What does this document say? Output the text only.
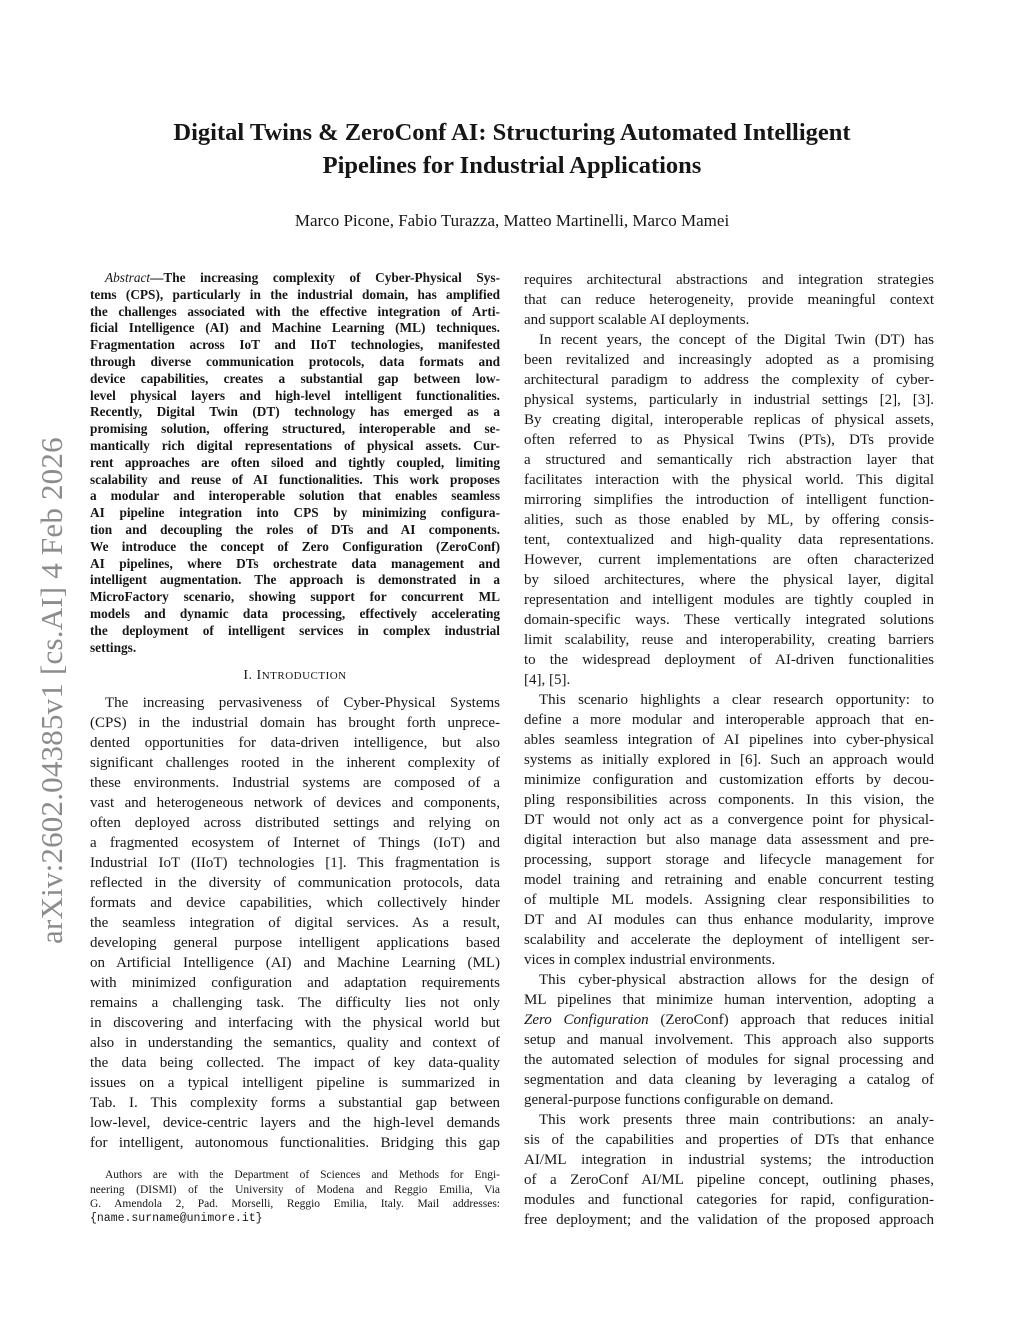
Digital Twins & ZeroConf AI: Structuring Automated Intelligent
Pipelines for Industrial Applications
Marco Picone, Fabio Turazza, Matteo Martinelli, Marco Mamei
arXiv:2602.04385v1 [cs.AI] 4 Feb 2026
Abstract—The increasing complexity of Cyber-Physical Sys-
tems (CPS), particularly in the industrial domain, has amplified
the challenges associated with the effective integration of Arti-
ficial Intelligence (AI) and Machine Learning (ML) techniques.
Fragmentation across IoT and IIoT technologies, manifested
through diverse communication protocols, data formats and
device capabilities, creates a substantial gap between low-
level physical layers and high-level intelligent functionalities.
Recently, Digital Twin (DT) technology has emerged as a
promising solution, offering structured, interoperable and se-
mantically rich digital representations of physical assets. Cur-
rent approaches are often siloed and tightly coupled, limiting
scalability and reuse of AI functionalities. This work proposes
a modular and interoperable solution that enables seamless
AI pipeline integration into CPS by minimizing configura-
tion and decoupling the roles of DTs and AI components.
We introduce the concept of Zero Configuration (ZeroConf)
AI pipelines, where DTs orchestrate data management and
intelligent augmentation. The approach is demonstrated in a
MicroFactory scenario, showing support for concurrent ML
models and dynamic data processing, effectively accelerating
the deployment of intelligent services in complex industrial
settings.
I. INTRODUCTION
The increasing pervasiveness of Cyber-Physical Systems
(CPS) in the industrial domain has brought forth unprece-
dented opportunities for data-driven intelligence, but also
significant challenges rooted in the inherent complexity of
these environments. Industrial systems are composed of a
vast and heterogeneous network of devices and components,
often deployed across distributed settings and relying on
a fragmented ecosystem of Internet of Things (IoT) and
Industrial IoT (IIoT) technologies [1]. This fragmentation is
reflected in the diversity of communication protocols, data
formats and device capabilities, which collectively hinder
the seamless integration of digital services. As a result,
developing general purpose intelligent applications based
on Artificial Intelligence (AI) and Machine Learning (ML)
with minimized configuration and adaptation requirements
remains a challenging task. The difficulty lies not only
in discovering and interfacing with the physical world but
also in understanding the semantics, quality and context of
the data being collected. The impact of key data-quality
issues on a typical intelligent pipeline is summarized in
Tab. I. This complexity forms a substantial gap between
low-level, device-centric layers and the high-level demands
for intelligent, autonomous functionalities. Bridging this gap
Authors are with the Department of Sciences and Methods for Engi-
neering (DISMI) of the University of Modena and Reggio Emilia, Via
G. Amendola 2, Pad. Morselli, Reggio Emilia, Italy. Mail addresses:
{name.surname@unimore.it}
requires architectural abstractions and integration strategies
that can reduce heterogeneity, provide meaningful context
and support scalable AI deployments.
In recent years, the concept of the Digital Twin (DT) has
been revitalized and increasingly adopted as a promising
architectural paradigm to address the complexity of cyber-
physical systems, particularly in industrial settings [2], [3].
By creating digital, interoperable replicas of physical assets,
often referred to as Physical Twins (PTs), DTs provide
a structured and semantically rich abstraction layer that
facilitates interaction with the physical world. This digital
mirroring simplifies the introduction of intelligent function-
alities, such as those enabled by ML, by offering consis-
tent, contextualized and high-quality data representations.
However, current implementations are often characterized
by siloed architectures, where the physical layer, digital
representation and intelligent modules are tightly coupled in
domain-specific ways. These vertically integrated solutions
limit scalability, reuse and interoperability, creating barriers
to the widespread deployment of AI-driven functionalities
[4], [5].
This scenario highlights a clear research opportunity: to
define a more modular and interoperable approach that en-
ables seamless integration of AI pipelines into cyber-physical
systems as initially explored in [6]. Such an approach would
minimize configuration and customization efforts by decou-
pling responsibilities across components. In this vision, the
DT would not only act as a convergence point for physical-
digital interaction but also manage data assessment and pre-
processing, support storage and lifecycle management for
model training and retraining and enable concurrent testing
of multiple ML models. Assigning clear responsibilities to
DT and AI modules can thus enhance modularity, improve
scalability and accelerate the deployment of intelligent ser-
vices in complex industrial environments.
This cyber-physical abstraction allows for the design of
ML pipelines that minimize human intervention, adopting a
Zero Configuration (ZeroConf) approach that reduces initial
setup and manual involvement. This approach also supports
the automated selection of modules for signal processing and
segmentation and data cleaning by leveraging a catalog of
general-purpose functions configurable on demand.
This work presents three main contributions: an analy-
sis of the capabilities and properties of DTs that enhance
AI/ML integration in industrial systems; the introduction
of a ZeroConf AI/ML pipeline concept, outlining phases,
modules and functional categories for rapid, configuration-
free deployment; and the validation of the proposed approach
